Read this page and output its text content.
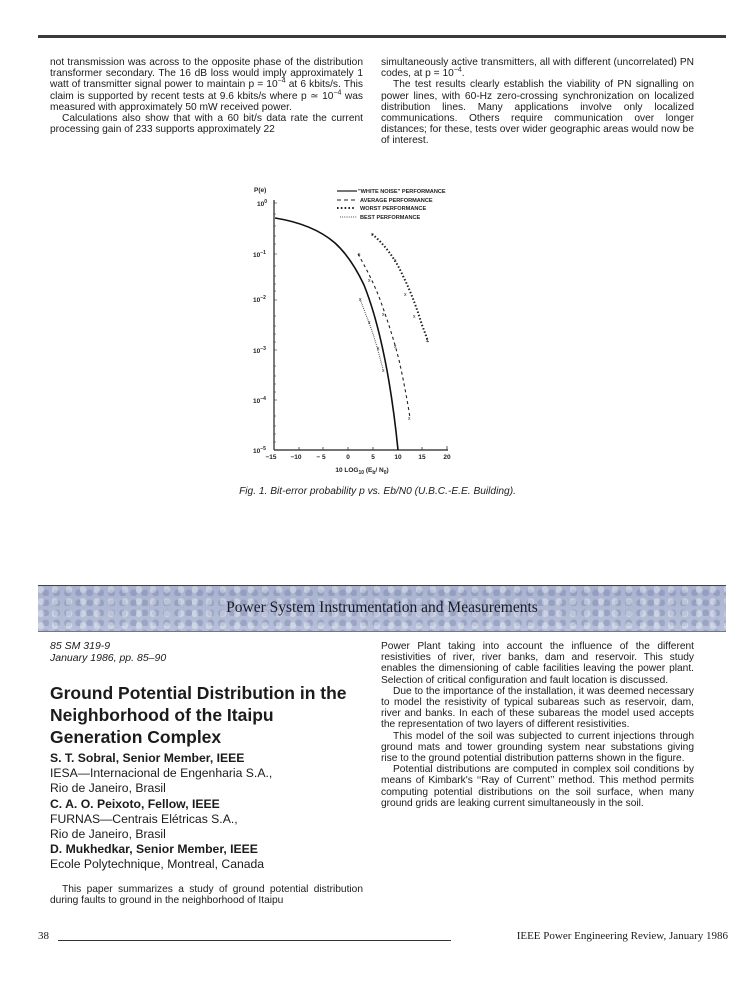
not transmission was across to the opposite phase of the distribution transformer secondary. The 16 dB loss would imply approximately 1 watt of transmitter signal power to maintain $p = 10^{-4}$ at 6 kbits/s. This claim is supported by recent tests at 9.6 kbits/s where p ≃ $10^{-4}$ was measured with approximately 50 mW received power.

Calculations also show that with a 60 bit/s data rate the current processing gain of 233 supports approximately 22

simultaneously active transmitters, all with different (uncorrelated) PN codes, at $p = 10^{-4}$.

The test results clearly establish the viability of PN signalling on power lines, with 60-Hz zero-crossing synchronization on localized distribution lines. Many applications involve only localized communications. Others require communication over longer distances; for these, tests over wider geographic areas would now be of interest.

P(e)
$10^0$
$10^{-1}$
$10^{-2}$
$10^{-3}$
$10^{-4}$
$10^{-5}$
−15 −10 − 5	0	5	10	15	20
10 $LOG_{10}$ ($E_b/$ $N_0$)
"WHITE NOISE" PERFORMANCE
AVERAGE PERFORMANCE
WORST PERFORMANCE
BEST PERFORMANCE
x
x
x
x
x
x
x
x
x
x
x
x
x
x
Fig. 1. Bit-error probability p vs. Eb/N0 (U.B.C.-E.E. Building).
Power System Instrumentation and Measurements
85 SM 319-9
January 1986, pp. 85–90
Ground Potential Distribution in the Neighborhood of the Itaipu Generation Complex
S. T. Sobral, Senior Member, IEEE
IESA—Internacional de Engenharia S.A.,
Rio de Janeiro, Brasil
C. A. O. Peixoto, Fellow, IEEE
FURNAS—Centrais Elétricas S.A.,
Rio de Janeiro, Brasil
D. Mukhedkar, Senior Member, IEEE
Ecole Polytechnique, Montreal, Canada

This paper summarizes a study of ground potential distribution during faults to ground in the neighborhood of Itaipu

Power Plant taking into account the influence of the different resistivities of river, river banks, dam and reservoir. This study enables the dimensioning of cable facilities leaving the power plant. Selection of critical configuration and fault location is discussed.

Due to the importance of the installation, it was deemed necessary to model the resistivity of typical subareas such as reservoir, dam, river and banks. In each of these subareas the model used accepts the representation of two layers of different resistivities.

This model of the soil was subjected to current injections through ground mats and tower grounding system near substations giving rise to the ground potential distribution patterns shown in the figure.

Potential distributions are computed in complex soil conditions by means of Kimbark's ‘‘Ray of Current’’ method. This method permits computing potential distributions on the soil surface, when many ground grids are leaking current simultaneously in the soil.

38	IEEE Power Engineering Review, January 1986
